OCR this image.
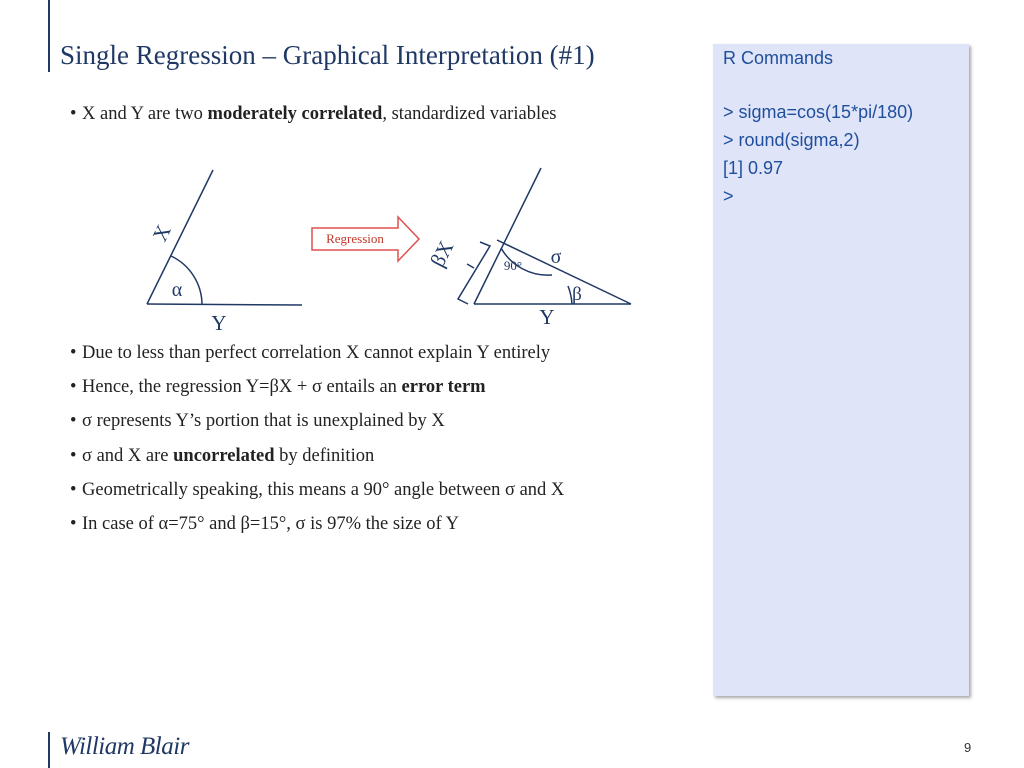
Single Regression – Graphical Interpretation (#1)
• X and Y are two moderately correlated, standardized variables
X
α
Y
Regression βX	90° σ
β
Y
• Due to less than perfect correlation X cannot explain Y entirely
• Hence, the regression Y=βX + σ entails an error term
• σ represents Y’s portion that is unexplained by X
• σ and X are uncorrelated by definition
• Geometrically speaking, this means a 90° angle between σ and X
• In case of α=75° and β=15°, σ is 97% the size of Y
R Commands
> sigma=cos(15*pi/180)
> round(sigma,2)
[1] 0.97
>
William Blair	9
